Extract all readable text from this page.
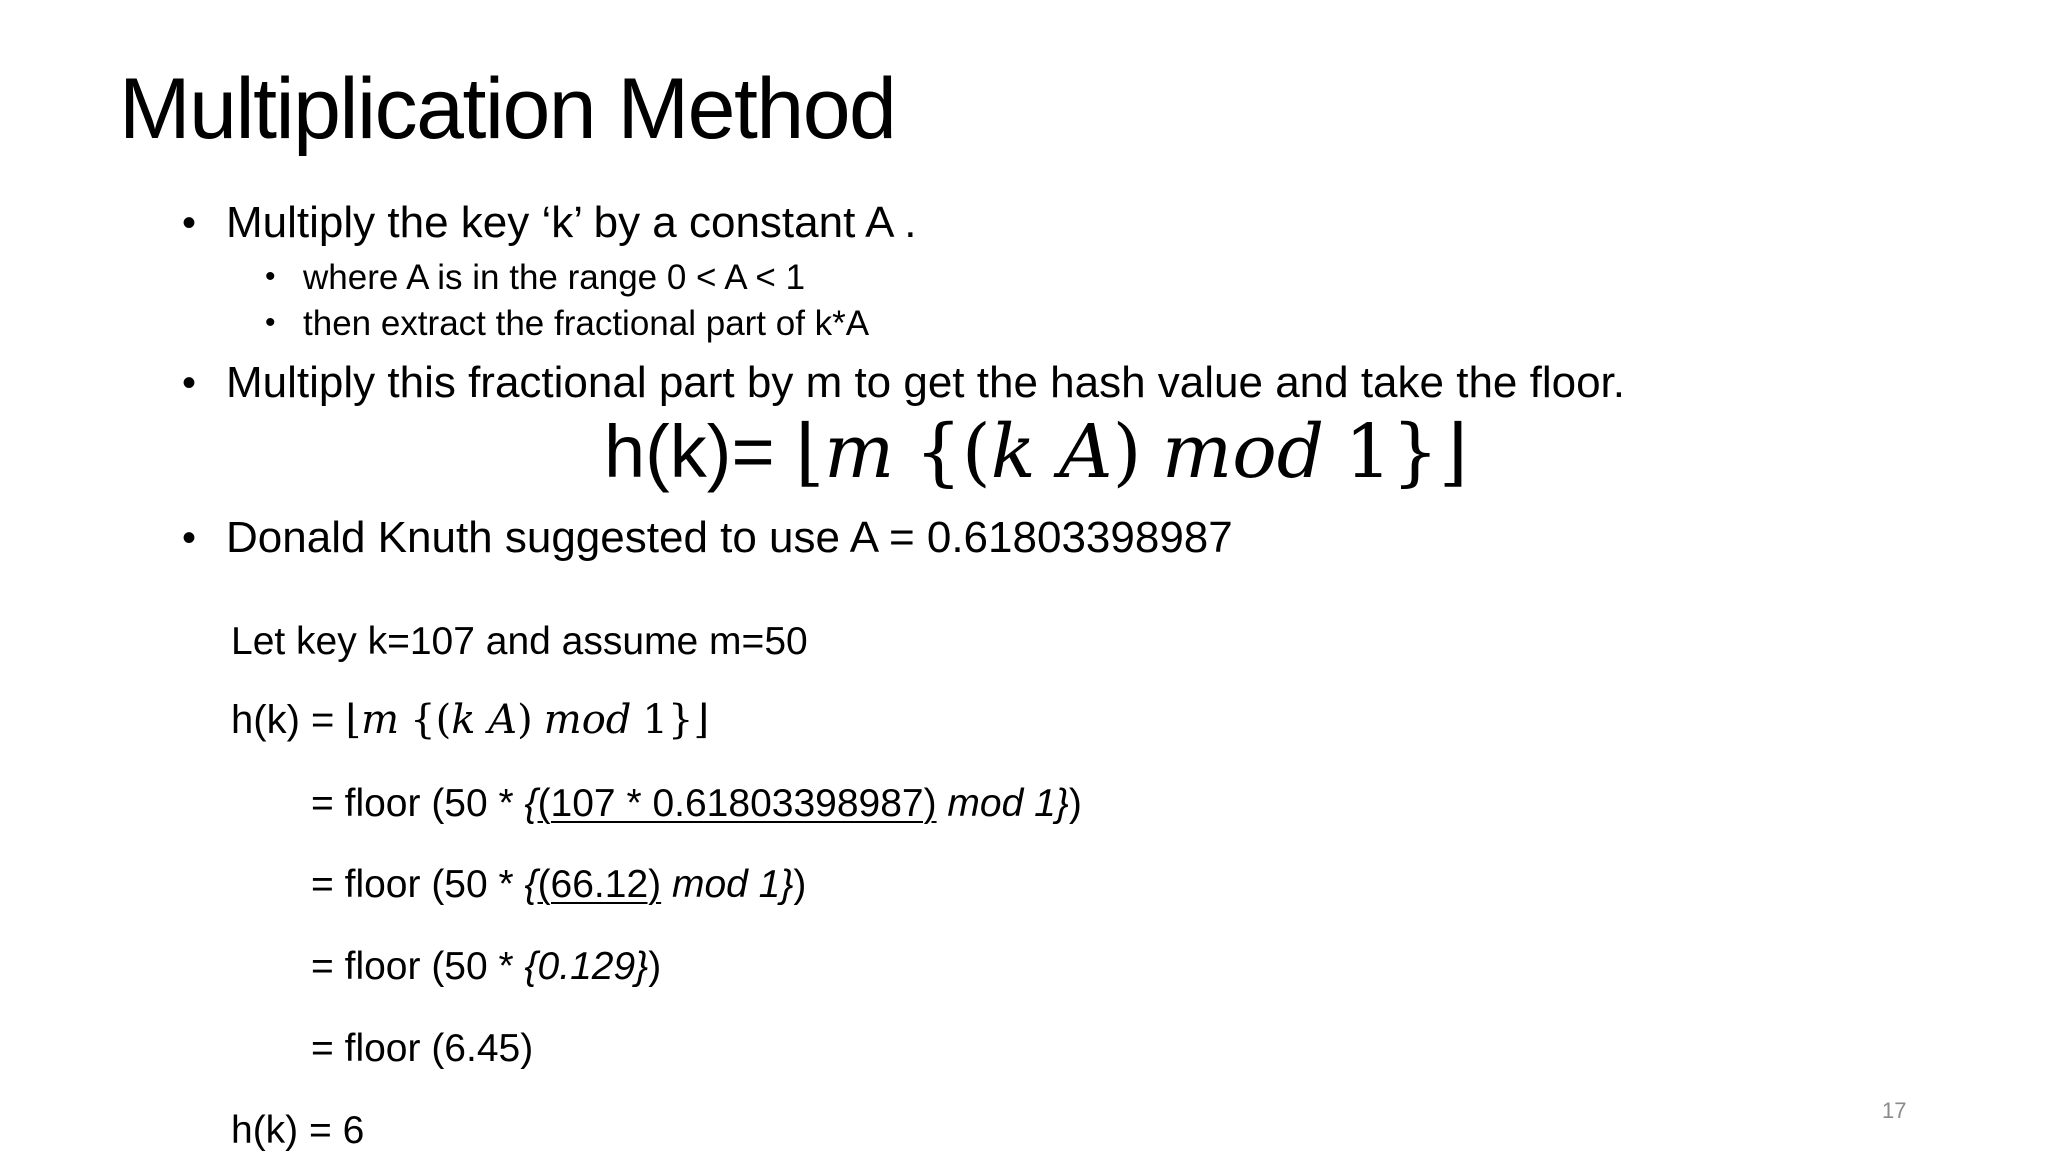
Multiplication Method
• Multiply the key ‘k’ by a constant A .
• where A is in the range 0 < A < 1
• then extract the fractional part of k*A
• Multiply this fractional part by m to get the hash value and take the floor.
h(k)= ⌊m {(k A) mod 1}⌋
• Donald Knuth suggested to use A = 0.61803398987
Let key k=107 and assume m=50
h(k) = ⌊m {(k A) mod 1}⌋
= floor (50 * {(107 * 0.61803398987) mod 1})
= floor (50 * {(66.12) mod 1})
= floor (50 * {0.129})
= floor (6.45)
h(k) = 6	17
